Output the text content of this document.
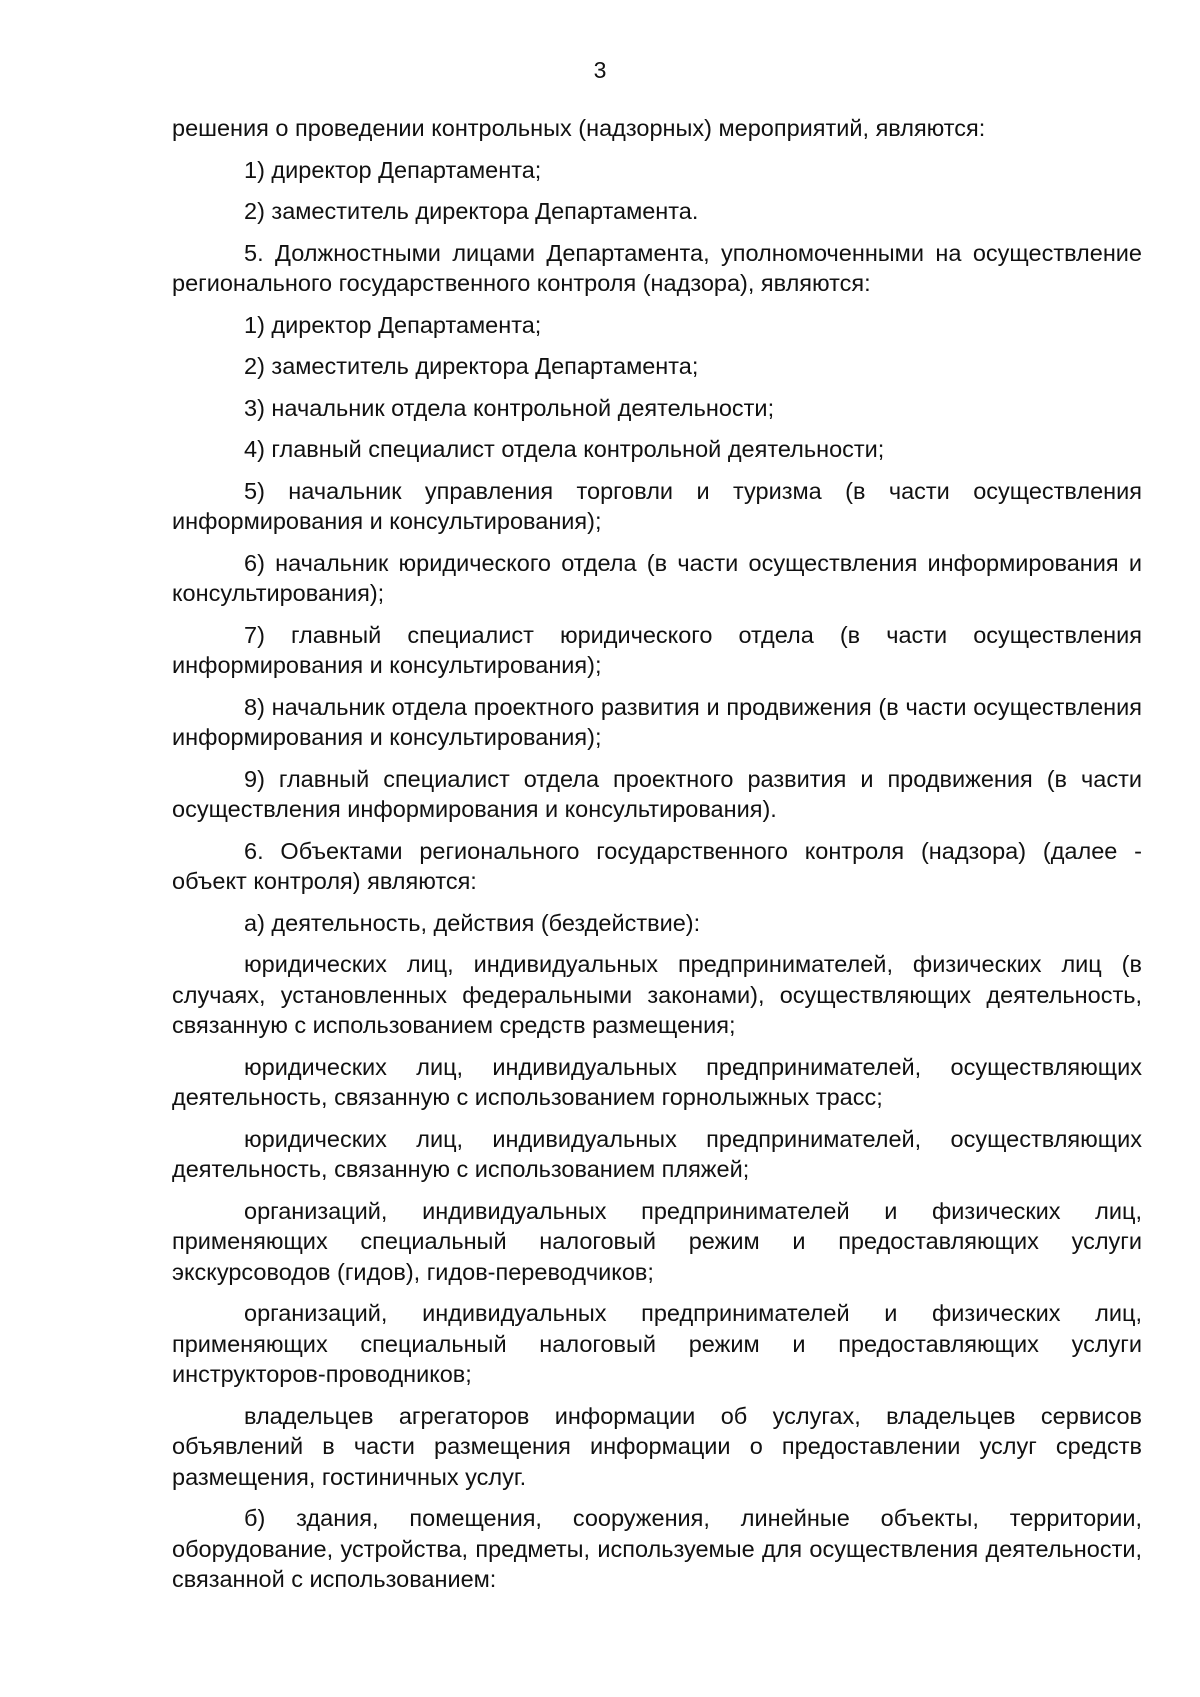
3

решения о проведении контрольных (надзорных) мероприятий, являются:

1) директор Департамента;

2) заместитель директора Департамента.

5. Должностными лицами Департамента, уполномоченными на осуществление регионального государственного контроля (надзора), являются:

1) директор Департамента;

2) заместитель директора Департамента;

3) начальник отдела контрольной деятельности;

4) главный специалист отдела контрольной деятельности;

5) начальник управления торговли и туризма (в части осуществления информирования и консультирования);

6) начальник юридического отдела (в части осуществления информирования и консультирования);

7) главный специалист юридического отдела (в части осуществления информирования и консультирования);

8) начальник отдела проектного развития и продвижения (в части осуществления информирования и консультирования);

9) главный специалист отдела проектного развития и продвижения (в части осуществления информирования и консультирования).

6. Объектами регионального государственного контроля (надзора) (далее - объект контроля) являются:

а) деятельность, действия (бездействие):

юридических лиц, индивидуальных предпринимателей, физических лиц (в случаях, установленных федеральными законами), осуществляющих деятельность, связанную с использованием средств размещения;

юридических лиц, индивидуальных предпринимателей, осуществляющих деятельность, связанную с использованием горнолыжных трасс;

юридических лиц, индивидуальных предпринимателей, осуществляющих деятельность, связанную с использованием пляжей;

организаций, индивидуальных предпринимателей и физических лиц, применяющих специальный налоговый режим и предоставляющих услуги экскурсоводов (гидов), гидов-переводчиков;

организаций, индивидуальных предпринимателей и физических лиц, применяющих специальный налоговый режим и предоставляющих услуги инструкторов-проводников;

владельцев агрегаторов информации об услугах, владельцев сервисов объявлений в части размещения информации о предоставлении услуг средств размещения, гостиничных услуг.

б) здания, помещения, сооружения, линейные объекты, территории, оборудование, устройства, предметы, используемые для осуществления деятельности, связанной с использованием:
